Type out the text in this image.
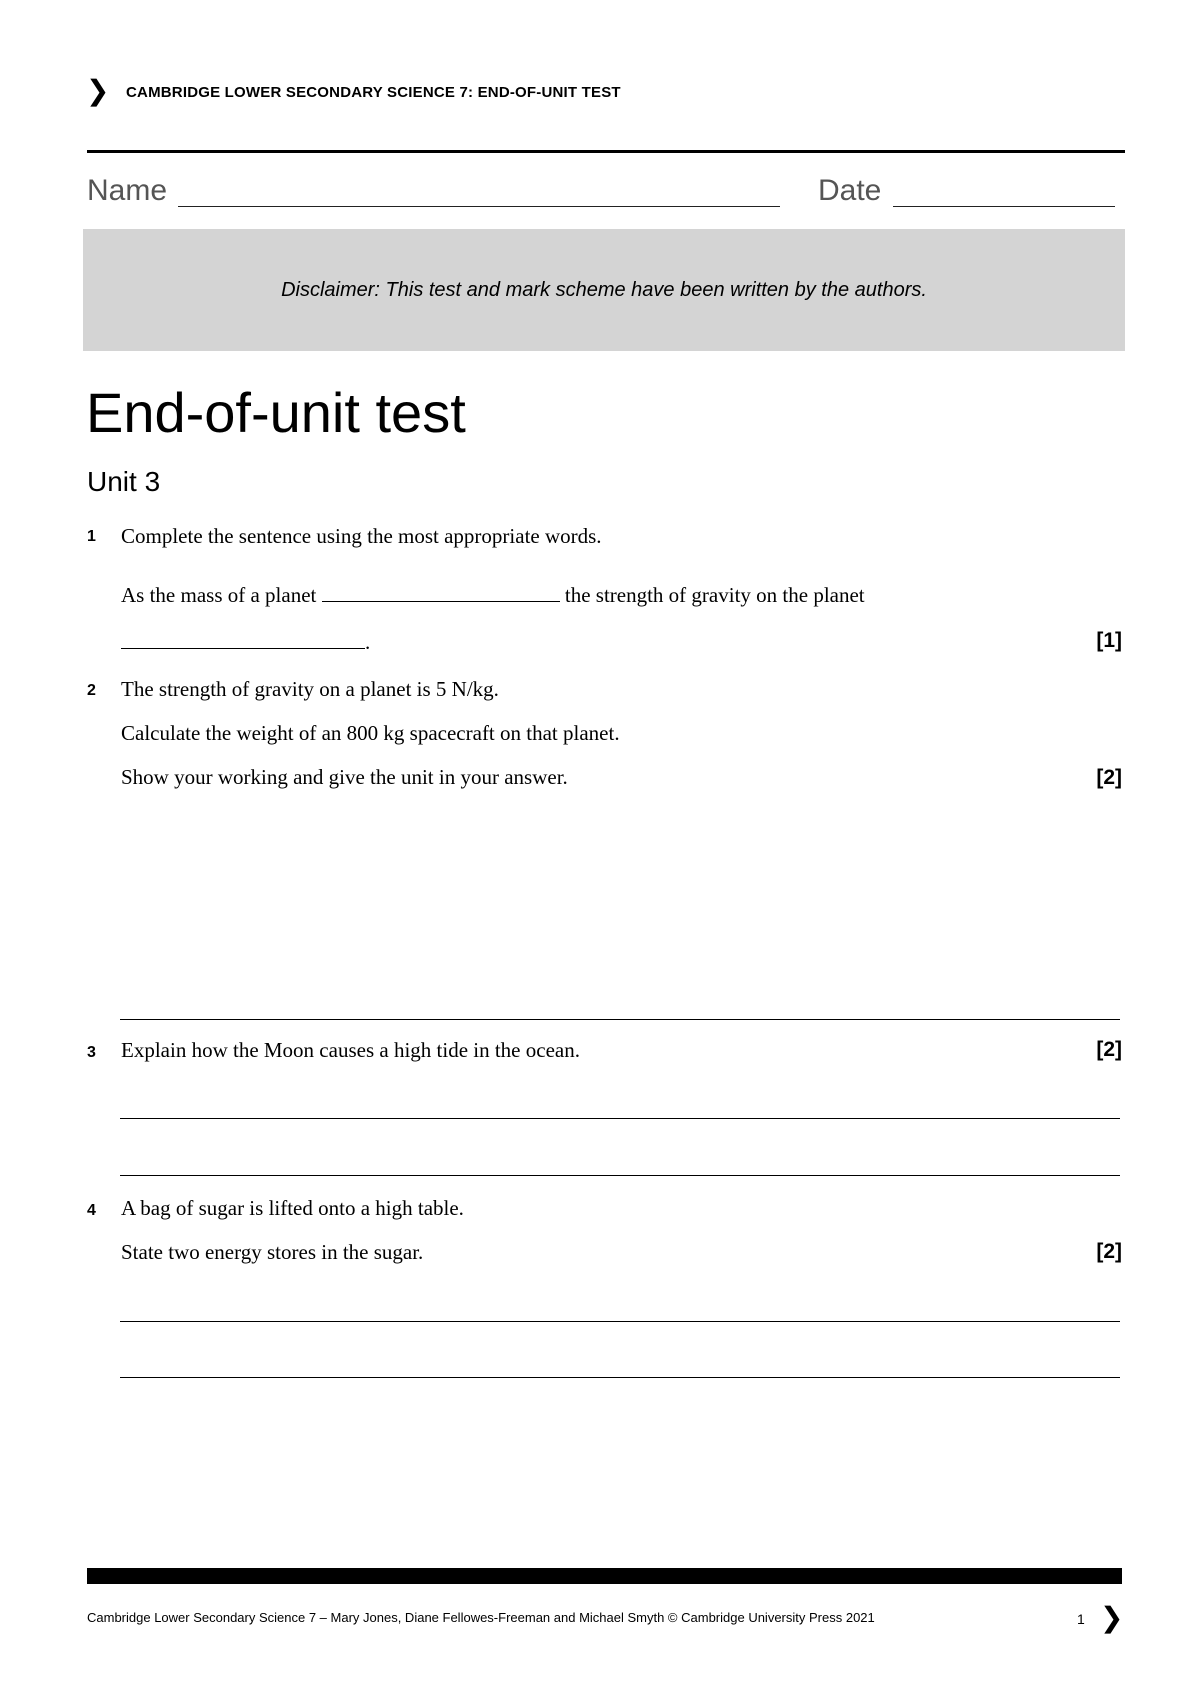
❯ CAMBRIDGE LOWER SECONDARY SCIENCE 7: END-OF-UNIT TEST
Name	Date
Disclaimer: This test and mark scheme have been written by the authors.
End-of-unit test
Unit 3
1 Complete the sentence using the most appropriate words.
As the mass of a planet	the strength of gravity on the planet
.	[1]
2 The strength of gravity on a planet is 5 N/kg.
Calculate the weight of an 800 kg spacecraft on that planet.
Show your working and give the unit in your answer.	[2]
3 Explain how the Moon causes a high tide in the ocean.	[2]
4 A bag of sugar is lifted onto a high table.
State two energy stores in the sugar.	[2]
Cambridge Lower Secondary Science 7 – Mary Jones, Diane Fellowes-Freeman and Michael Smyth © Cambridge University Press 2021	1 ❯
